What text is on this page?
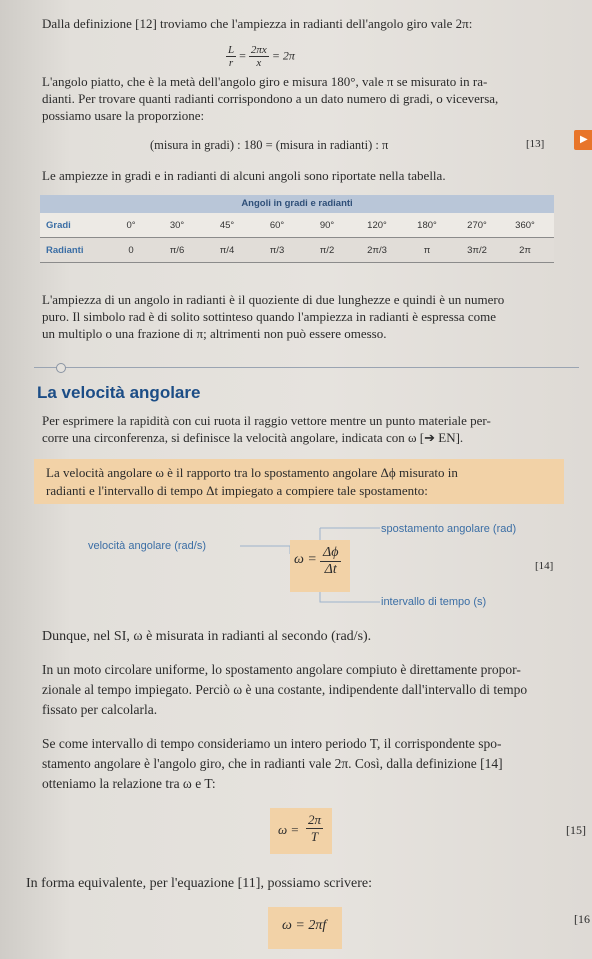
Dalla definizione [12] troviamo che l'ampiezza in radianti dell'angolo giro vale 2π:
$\frac{L}{r} = \frac{2\pi x}{x} = 2\pi$
L'angolo piatto, che è la metà dell'angolo giro e misura 180°, vale π se misurato in ra-
dianti. Per trovare quanti radianti corrispondono a un dato numero di gradi, o viceversa,
possiamo usare la proporzione:
(misura in gradi) : 180 = (misura in radianti) : π	[13]	▶
Le ampiezze in gradi e in radianti di alcuni angoli sono riportate nella tabella.
Angoli in gradi e radianti
Gradi	0°	30°	45°	60°	90°	120°	180°	270°	360°
Radianti	0	π/6	π/4	π/3	π/2	2π/3	π	3π/2	2π
L'ampiezza di un angolo in radianti è il quoziente di due lunghezze e quindi è un numero
puro. Il simbolo rad è di solito sottinteso quando l'ampiezza in radianti è espressa come
un multiplo o una frazione di π; altrimenti non può essere omesso.
La velocità angolare
Per esprimere la rapidità con cui ruota il raggio vettore mentre un punto materiale per-
corre una circonferenza, si definisce la velocità angolare, indicata con ω [➔ EN].
La velocità angolare ω è il rapporto tra lo spostamento angolare Δϕ misurato in
radianti e l'intervallo di tempo Δt impiegato a compiere tale spostamento:
velocità angolare (rad/s)
spostamento angolare (rad)
intervallo di tempo (s)
$\omega = \frac{\Delta\phi}{\Delta t}$	[14]
Dunque, nel SI, ω è misurata in radianti al secondo (rad/s).
In un moto circolare uniforme, lo spostamento angolare compiuto è direttamente propor-
zionale al tempo impiegato. Perciò ω è una costante, indipendente dall'intervallo di tempo
fissato per calcolarla.
Se come intervallo di tempo consideriamo un intero periodo T, il corrispondente spo-
stamento angolare è l'angolo giro, che in radianti vale 2π. Così, dalla definizione [14]
otteniamo la relazione tra ω e T:
$\omega = \frac{2\pi}{T}$	[15]
In forma equivalente, per l'equazione [11], possiamo scrivere:
ω = 2πf	[16
